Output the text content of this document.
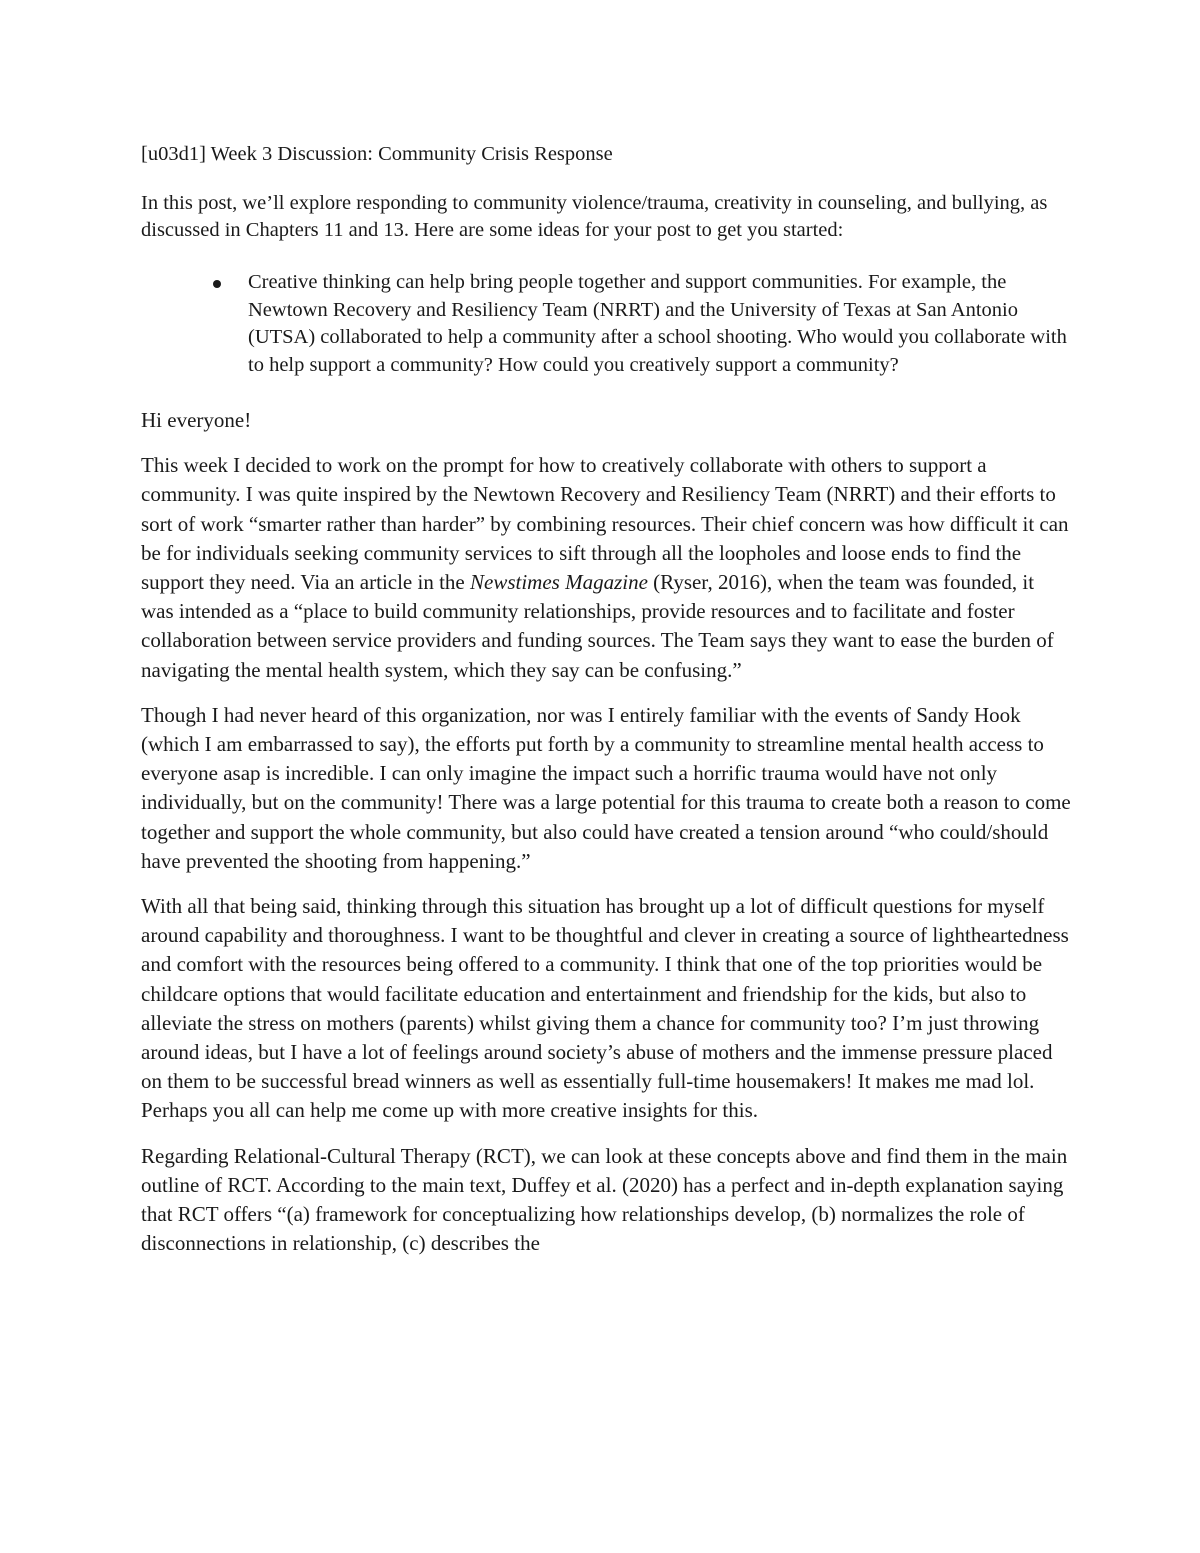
[u03d1] Week 3 Discussion: Community Crisis Response

In this post, we’ll explore responding to community violence/trauma, creativity in counseling, and bullying, as discussed in Chapters 11 and 13. Here are some ideas for your post to get you started:

Creative thinking can help bring people together and support communities. For example, the Newtown Recovery and Resiliency Team (NRRT) and the University of Texas at San Antonio (UTSA) collaborated to help a community after a school shooting. Who would you collaborate with to help support a community? How could you creatively support a community?

Hi everyone!

This week I decided to work on the prompt for how to creatively collaborate with others to support a community. I was quite inspired by the Newtown Recovery and Resiliency Team (NRRT) and their efforts to sort of work “smarter rather than harder” by combining resources. Their chief concern was how difficult it can be for individuals seeking community services to sift through all the loopholes and loose ends to find the support they need. Via an article in the Newstimes Magazine (Ryser, 2016), when the team was founded, it was intended as a “place to build community relationships, provide resources and to facilitate and foster collaboration between service providers and funding sources. The Team says they want to ease the burden of navigating the mental health system, which they say can be confusing.”

Though I had never heard of this organization, nor was I entirely familiar with the events of Sandy Hook (which I am embarrassed to say), the efforts put forth by a community to streamline mental health access to everyone asap is incredible. I can only imagine the impact such a horrific trauma would have not only individually, but on the community! There was a large potential for this trauma to create both a reason to come together and support the whole community, but also could have created a tension around “who could/should have prevented the shooting from happening.”

With all that being said, thinking through this situation has brought up a lot of difficult questions for myself around capability and thoroughness. I want to be thoughtful and clever in creating a source of lightheartedness and comfort with the resources being offered to a community. I think that one of the top priorities would be childcare options that would facilitate education and entertainment and friendship for the kids, but also to alleviate the stress on mothers (parents) whilst giving them a chance for community too? I’m just throwing around ideas, but I have a lot of feelings around society’s abuse of mothers and the immense pressure placed on them to be successful bread winners as well as essentially full-time housemakers! It makes me mad lol. Perhaps you all can help me come up with more creative insights for this.

Regarding Relational-Cultural Therapy (RCT), we can look at these concepts above and find them in the main outline of RCT. According to the main text, Duffey et al. (2020) has a perfect and in-depth explanation saying that RCT offers “(a) framework for conceptualizing how relationships develop, (b) normalizes the role of disconnections in relationship, (c) describes the
